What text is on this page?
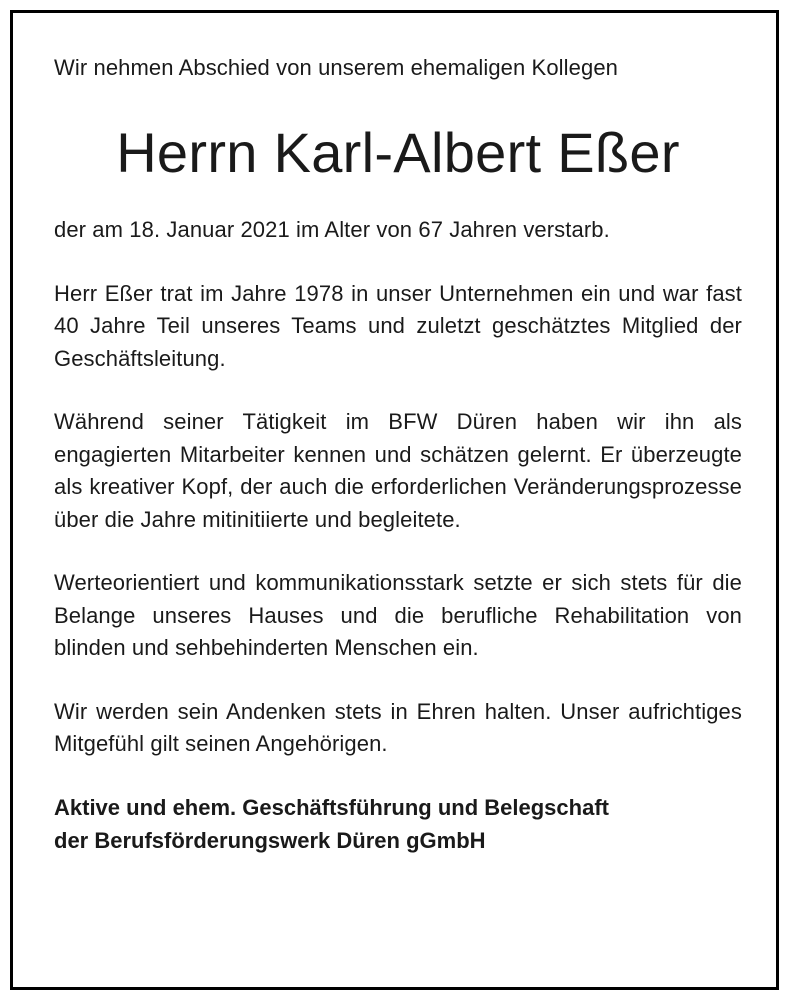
Wir nehmen Abschied von unserem ehemaligen Kollegen

Herrn Karl-Albert Eßer

der am 18. Januar 2021 im Alter von 67 Jahren verstarb.

Herr Eßer trat im Jahre 1978 in unser Unternehmen ein und war fast 40 Jahre Teil unseres Teams und zuletzt geschätztes Mitglied der Geschäftsleitung.

Während seiner Tätigkeit im BFW Düren haben wir ihn als engagierten Mitarbeiter kennen und schätzen gelernt. Er überzeugte als kreativer Kopf, der auch die erforderlichen Veränderungsprozesse über die Jahre mitinitiierte und begleitete.

Werteorientiert und kommunikationsstark setzte er sich stets für die Belange unseres Hauses und die berufliche Rehabilitation von blinden und sehbehinderten Menschen ein.

Wir werden sein Andenken stets in Ehren halten. Unser aufrichtiges Mitgefühl gilt seinen Angehörigen.

Aktive und ehem. Geschäftsführung und Belegschaft
der Berufsförderungswerk Düren gGmbH
